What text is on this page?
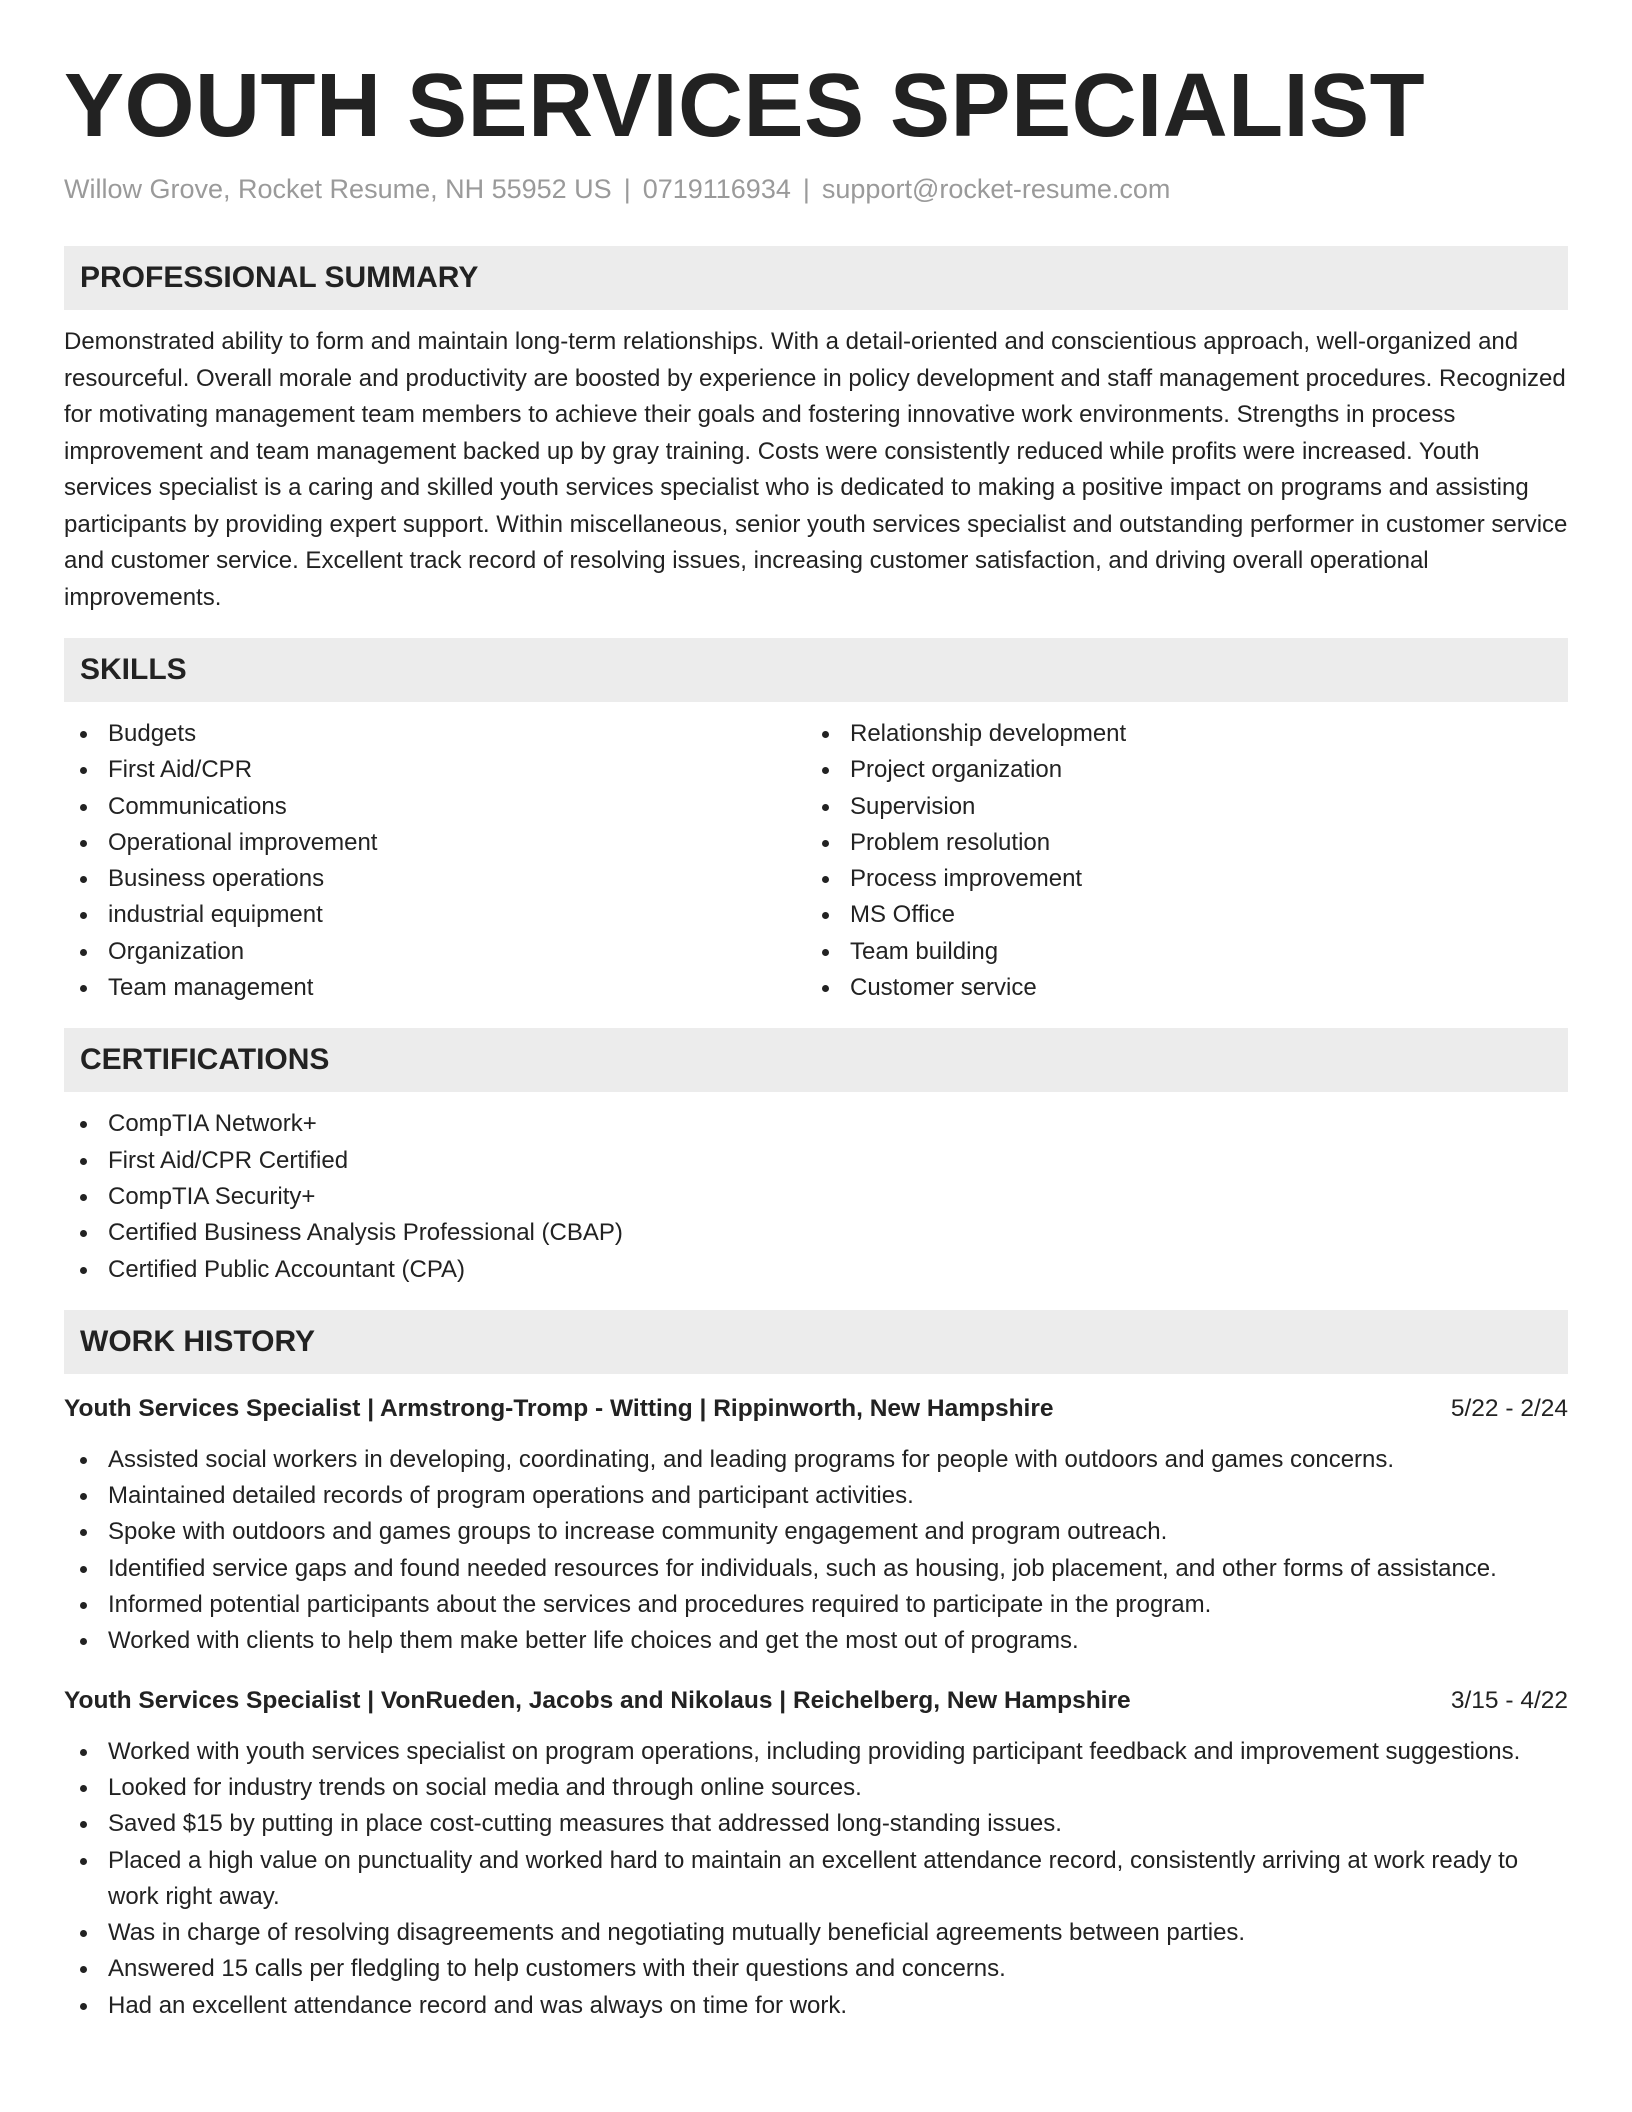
YOUTH SERVICES SPECIALIST
Willow Grove, Rocket Resume, NH 55952 US | 0719116934 | support@rocket-resume.com
PROFESSIONAL SUMMARY

Demonstrated ability to form and maintain long-term relationships. With a detail-oriented and conscientious approach, well-organized and resourceful. Overall morale and productivity are boosted by experience in policy development and staff management procedures. Recognized for motivating management team members to achieve their goals and fostering innovative work environments. Strengths in process improvement and team management backed up by gray training. Costs were consistently reduced while profits were increased. Youth services specialist is a caring and skilled youth services specialist who is dedicated to making a positive impact on programs and assisting participants by providing expert support. Within miscellaneous, senior youth services specialist and outstanding performer in customer service and customer service. Excellent track record of resolving issues, increasing customer satisfaction, and driving overall operational improvements.

SKILLS
Budgets
First Aid/CPR
Communications
Operational improvement
Business operations
industrial equipment
Organization
Team management
Relationship development
Project organization
Supervision
Problem resolution
Process improvement
MS Office
Team building
Customer service
CERTIFICATIONS
CompTIA Network+
First Aid/CPR Certified
CompTIA Security+
Certified Business Analysis Professional (CBAP)
Certified Public Accountant (CPA)
WORK HISTORY
Youth Services Specialist | Armstrong-Tromp - Witting | Rippinworth, New Hampshire	5/22 - 2/24
Assisted social workers in developing, coordinating, and leading programs for people with outdoors and games concerns.
Maintained detailed records of program operations and participant activities.
Spoke with outdoors and games groups to increase community engagement and program outreach.
Identified service gaps and found needed resources for individuals, such as housing, job placement, and other forms of assistance.
Informed potential participants about the services and procedures required to participate in the program.
Worked with clients to help them make better life choices and get the most out of programs.
Youth Services Specialist | VonRueden, Jacobs and Nikolaus | Reichelberg, New Hampshire	3/15 - 4/22
Worked with youth services specialist on program operations, including providing participant feedback and improvement suggestions.
Looked for industry trends on social media and through online sources.
Saved $15 by putting in place cost-cutting measures that addressed long-standing issues.
Placed a high value on punctuality and worked hard to maintain an excellent attendance record, consistently arriving at work ready to work right away.
Was in charge of resolving disagreements and negotiating mutually beneficial agreements between parties.
Answered 15 calls per fledgling to help customers with their questions and concerns.
Had an excellent attendance record and was always on time for work.
